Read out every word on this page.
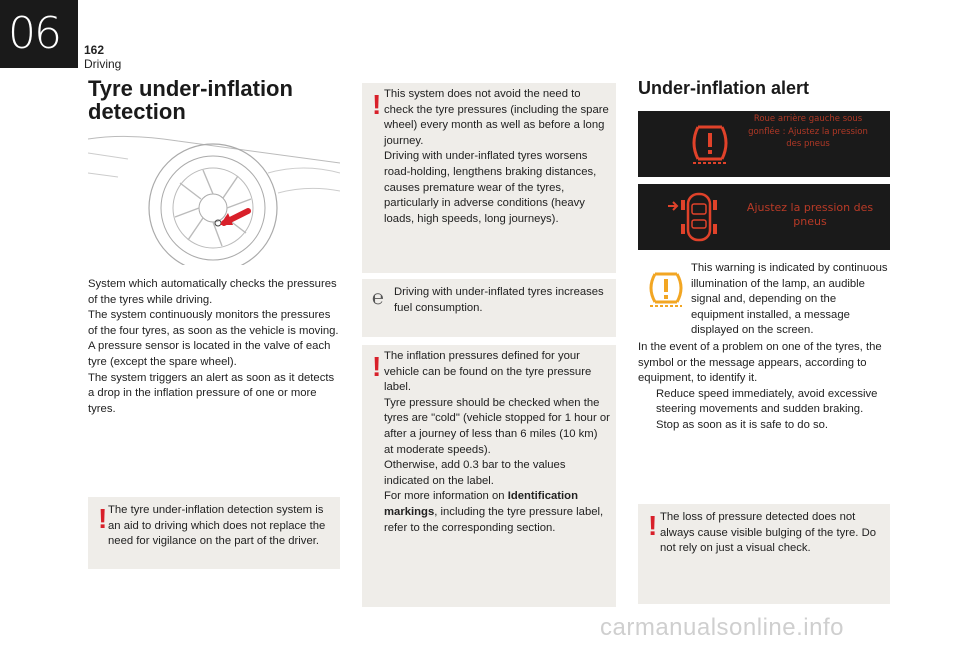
06	162
Driving
Tyre under-inflation
detection

System which automatically checks the pressures of the tyres while driving.

The system continuously monitors the pressures of the four tyres, as soon as the vehicle is moving.

A pressure sensor is located in the valve of each tyre (except the spare wheel).

The system triggers an alert as soon as it detects a drop in the inflation pressure of one or more tyres.

! The tyre under-inflation detection system is an aid to driving which does not replace the need for vigilance on the part of the driver.

! This system does not avoid the need to check the tyre pressures (including the spare wheel) every month as well as before a long journey.

Driving with under-inflated tyres worsens road-holding, lengthens braking distances, causes premature wear of the tyres, particularly in adverse conditions (heavy loads, high speeds, long journeys).

℮ Driving with under-inflated tyres increases fuel consumption.

! The inflation pressures defined for your vehicle can be found on the tyre pressure label.

Tyre pressure should be checked when the tyres are "cold" (vehicle stopped for 1 hour or after a journey of less than 6 miles (10 km) at moderate speeds).

Otherwise, add 0.3 bar to the values indicated on the label.

For more information on Identification markings, including the tyre pressure label, refer to the corresponding section.

Under-inflation alert
Roue arrière gauche sous gonflée : Ajustez la pression des pneus
Ajustez la pression des pneus
This warning is indicated by continuous illumination of the lamp, an audible signal and, depending on the equipment installed, a message displayed on the screen.

In the event of a problem on one of the tyres, the symbol or the message appears, according to equipment, to identify it.

Reduce speed immediately, avoid excessive steering movements and sudden braking.

Stop as soon as it is safe to do so.

! The loss of pressure detected does not always cause visible bulging of the tyre. Do not rely on just a visual check.

carmanualsonline.info
